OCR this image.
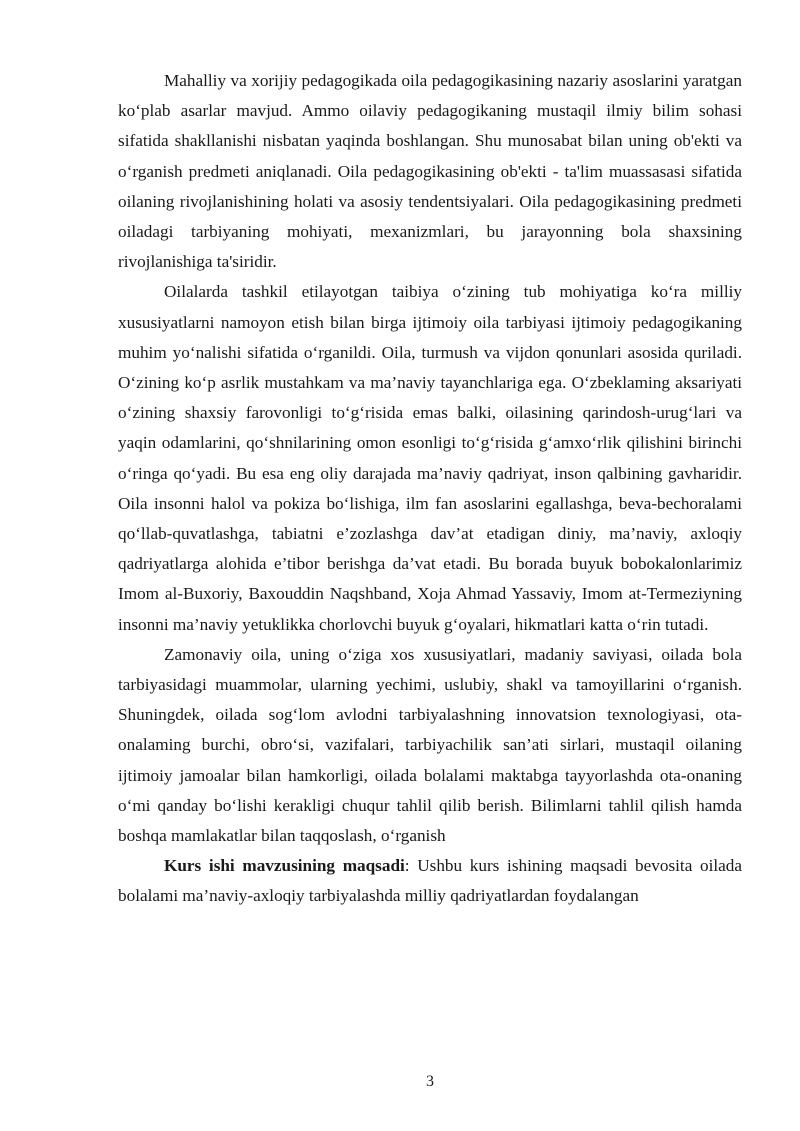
Mahalliy va xorijiy pedagogikada oila pedagogikasining nazariy asoslarini yaratgan ko‘plab asarlar mavjud. Ammo oilaviy pedagogikaning mustaqil ilmiy bilim sohasi sifatida shakllanishi nisbatan yaqinda boshlangan. Shu munosabat bilan uning ob'ekti va o‘rganish predmeti aniqlanadi. Oila pedagogikasining ob'ekti - ta'lim muassasasi sifatida oilaning rivojlanishining holati va asosiy tendentsiyalari. Oila pedagogikasining predmeti oiladagi tarbiyaning mohiyati, mexanizmlari, bu jarayonning bola shaxsining rivojlanishiga ta'siridir.

Oilalarda tashkil etilayotgan taibiya o‘zining tub mohiyatiga ko‘ra milliy xususiyatlarni namoyon etish bilan birga ijtimoiy oila tarbiyasi ijtimoiy pedagogikaning muhim yo‘nalishi sifatida o‘rganildi. Oila, turmush va vijdon qonunlari asosida quriladi. O‘zining ko‘p asrlik mustahkam va ma’naviy tayanchlariga ega. O‘zbeklaming aksariyati o‘zining shaxsiy farovonligi to‘g‘risida emas balki, oilasining qarindosh-urug‘lari va yaqin odamlarini, qo‘shnilarining omon esonligi to‘g‘risida g‘amxo‘rlik qilishini birinchi o‘ringa qo‘yadi. Bu esa eng oliy darajada ma’naviy qadriyat, inson qalbining gavharidir. Oila insonni halol va pokiza bo‘lishiga, ilm fan asoslarini egallashga, beva-bechoralami qo‘llab-quvatlashga, tabiatni e’zozlashga dav’at etadigan diniy, ma’naviy, axloqiy qadriyatlarga alohida e’tibor berishga da’vat etadi. Bu borada buyuk bobokalonlarimiz Imom al-Buxoriy, Baxouddin Naqshband, Xoja Ahmad Yassaviy, Imom at-Termeziyning insonni ma’naviy yetuklikka chorlovchi buyuk g‘oyalari, hikmatlari katta o‘rin tutadi.

Zamonaviy oila, uning o‘ziga xos xususiyatlari, madaniy saviyasi, oilada bola tarbiyasidagi muammolar, ularning yechimi, uslubiy, shakl va tamoyillarini o‘rganish. Shuningdek, oilada sog‘lom avlodni tarbiyalashning innovatsion texnologiyasi, ota-onalaming burchi, obro‘si, vazifalari, tarbiyachilik san’ati sirlari, mustaqil oilaning ijtimoiy jamoalar bilan hamkorligi, oilada bolalami maktabga tayyorlashda ota-onaning o‘mi qanday bo‘lishi kerakligi chuqur tahlil qilib berish. Bilimlarni tahlil qilish hamda boshqa mamlakatlar bilan taqqoslash, o‘rganish

Kurs ishi mavzusining maqsadi: Ushbu kurs ishining maqsadi bevosita oilada bolalami ma’naviy-axloqiy tarbiyalashda milliy qadriyatlardan foydalangan

3
